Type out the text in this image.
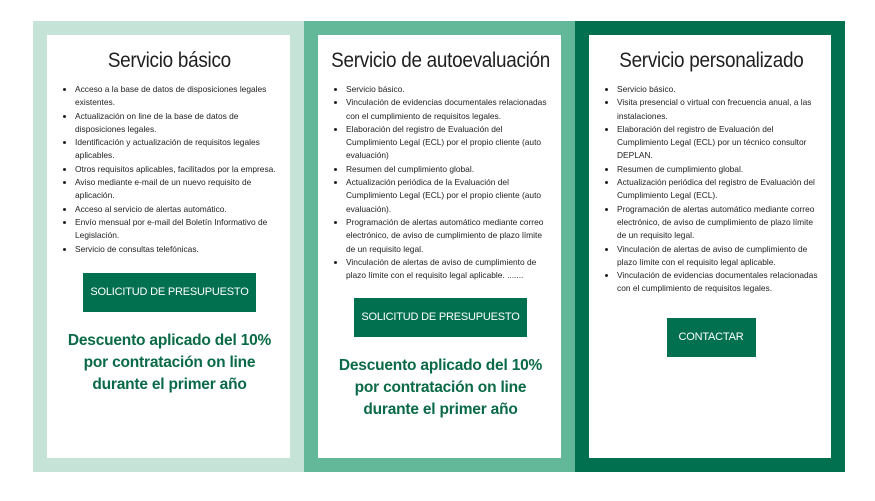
Servicio básico
Acceso a la base de datos de disposiciones legales existentes.
Actualización on line de la base de datos de disposiciones legales.
Identificación y actualización de requisitos legales aplicables.
Otros requisitos aplicables, facilitados por la empresa.
Aviso mediante e-mail de un nuevo requisito de aplicación.
Acceso al servicio de alertas automático.
Envío mensual por e-mail del Boletín Informativo de Legislación.
Servicio de consultas telefónicas.
SOLICITUD DE PRESUPUESTO
Descuento aplicado del 10%
por contratación on line
durante el primer año
Servicio de autoevaluación
Servicio básico.
Vinculación de evidencias documentales relacionadas con el cumplimiento de requisitos legales.
Elaboración del registro de Evaluación del Cumplimiento Legal (ECL) por el propio cliente (auto evaluación)
Resumen del cumplimiento global.
Actualización periódica de la Evaluación del Cumplimiento Legal (ECL) por el propio cliente (auto evaluación).
Programación de alertas automático mediante correo electrónico, de aviso de cumplimiento de plazo límite de un requisito legal.
Vinculación de alertas de aviso de cumplimiento de plazo límite con el requisito legal aplicable. .......
SOLICITUD DE PRESUPUESTO
Descuento aplicado del 10%
por contratación on line
durante el primer año
Servicio personalizado
Servicio básico.
Visita presencial o virtual con frecuencia anual, a las instalaciones.
Elaboración del registro de Evaluación del Cumplimiento Legal (ECL) por un técnico consultor DEPLAN.
Resumen de cumplimiento global.
Actualización periódica del registro de Evaluación del Cumplimiento Legal (ECL).
Programación de alertas automático mediante correo electrónico, de aviso de cumplimiento de plazo límite de un requisito legal.
Vinculación de alertas de aviso de cumplimiento de plazo límite con el requisito legal aplicable.
Vinculación de evidencias documentales relacionadas con el cumplimiento de requisitos legales.
CONTACTAR
